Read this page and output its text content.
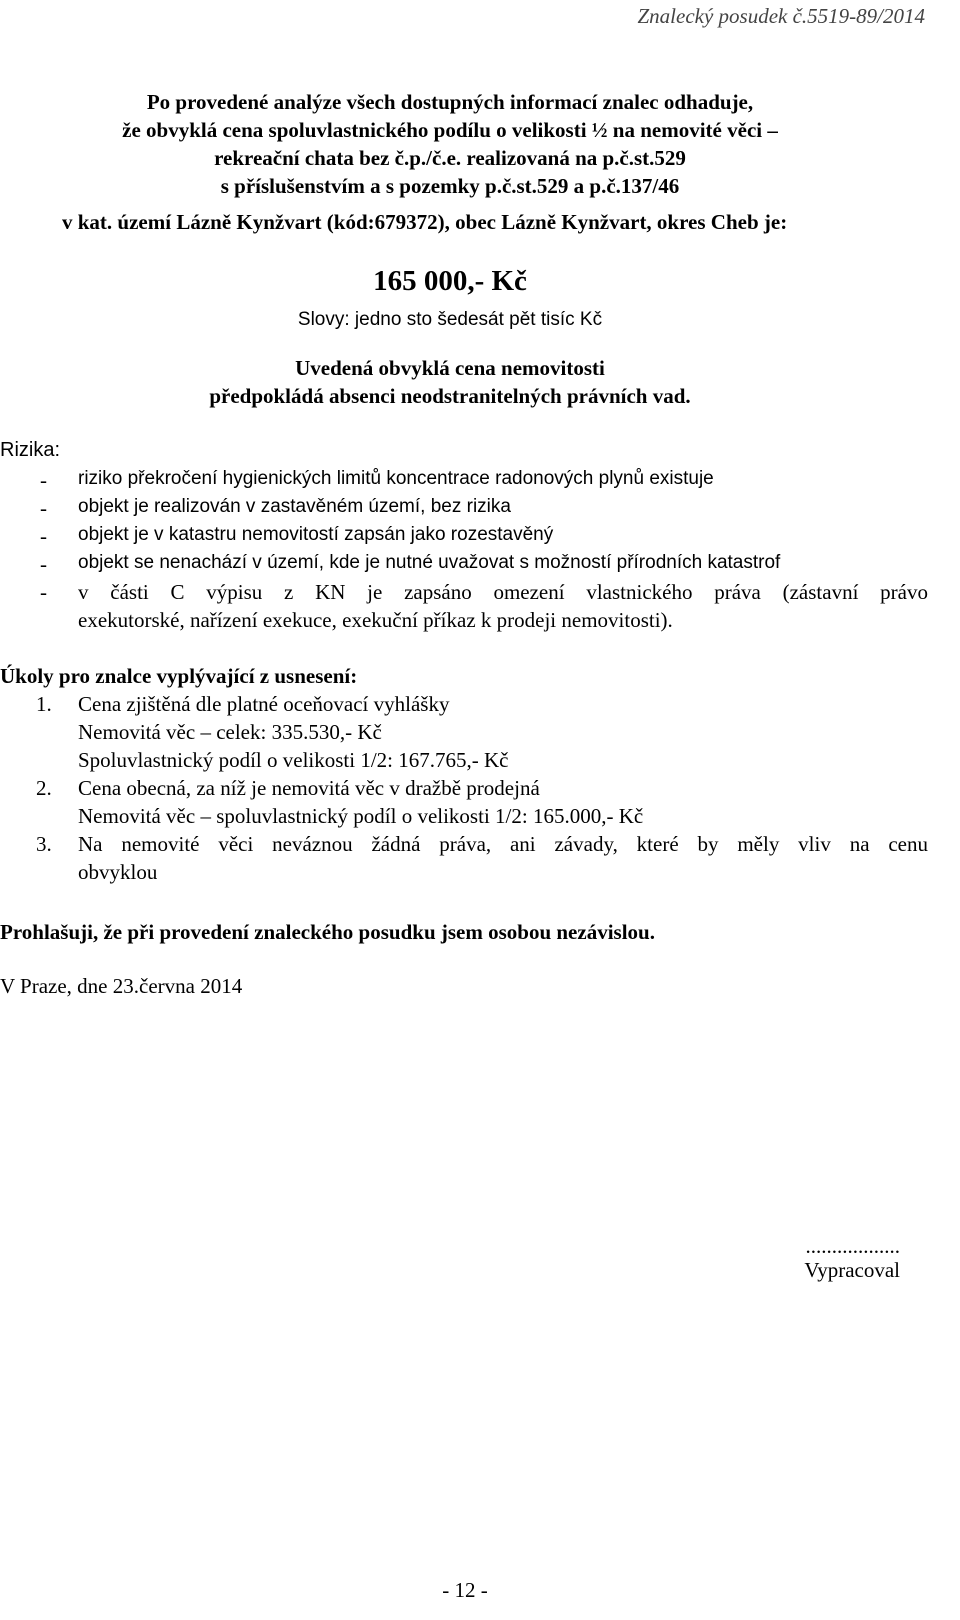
Znalecký posudek č.5519-89/2014
Po provedené analýze všech dostupných informací znalec odhaduje,
že obvyklá cena spoluvlastnického podílu o velikosti ½ na nemovité věci –
rekreační chata bez č.p./č.e. realizovaná na p.č.st.529
s příslušenstvím a s pozemky p.č.st.529 a p.č.137/46
v kat. území Lázně Kynžvart (kód:679372), obec Lázně Kynžvart, okres Cheb je:
165 000,- Kč
Slovy: jedno sto šedesát pět tisíc Kč
Uvedená obvyklá cena nemovitosti
předpokládá absenci neodstranitelných právních vad.
Rizika:
- riziko překročení hygienických limitů koncentrace radonových plynů existuje
- objekt je realizován v zastavěném území, bez rizika
- objekt je v katastru nemovitostí zapsán jako rozestavěný
- objekt se nenachází v území, kde je nutné uvažovat s možností přírodních katastrof
- v části C výpisu z KN je zapsáno omezení vlastnického práva (zástavní právo
exekutorské, nařízení exekuce, exekuční příkaz k prodeji nemovitosti).
Úkoly pro znalce vyplývající z usnesení:
1. Cena zjištěná dle platné oceňovací vyhlášky
Nemovitá věc – celek: 335.530,- Kč
Spoluvlastnický podíl o velikosti 1/2: 167.765,- Kč
2. Cena obecná, za níž je nemovitá věc v dražbě prodejná
Nemovitá věc – spoluvlastnický podíl o velikosti 1/2: 165.000,- Kč
3. Na nemovité věci neváznou žádná práva, ani závady, které by měly vliv na cenu
obvyklou
Prohlašuji, že při provedení znaleckého posudku jsem osobou nezávislou.
V Praze, dne 23.června 2014
..................
Vypracoval
- 12 -
